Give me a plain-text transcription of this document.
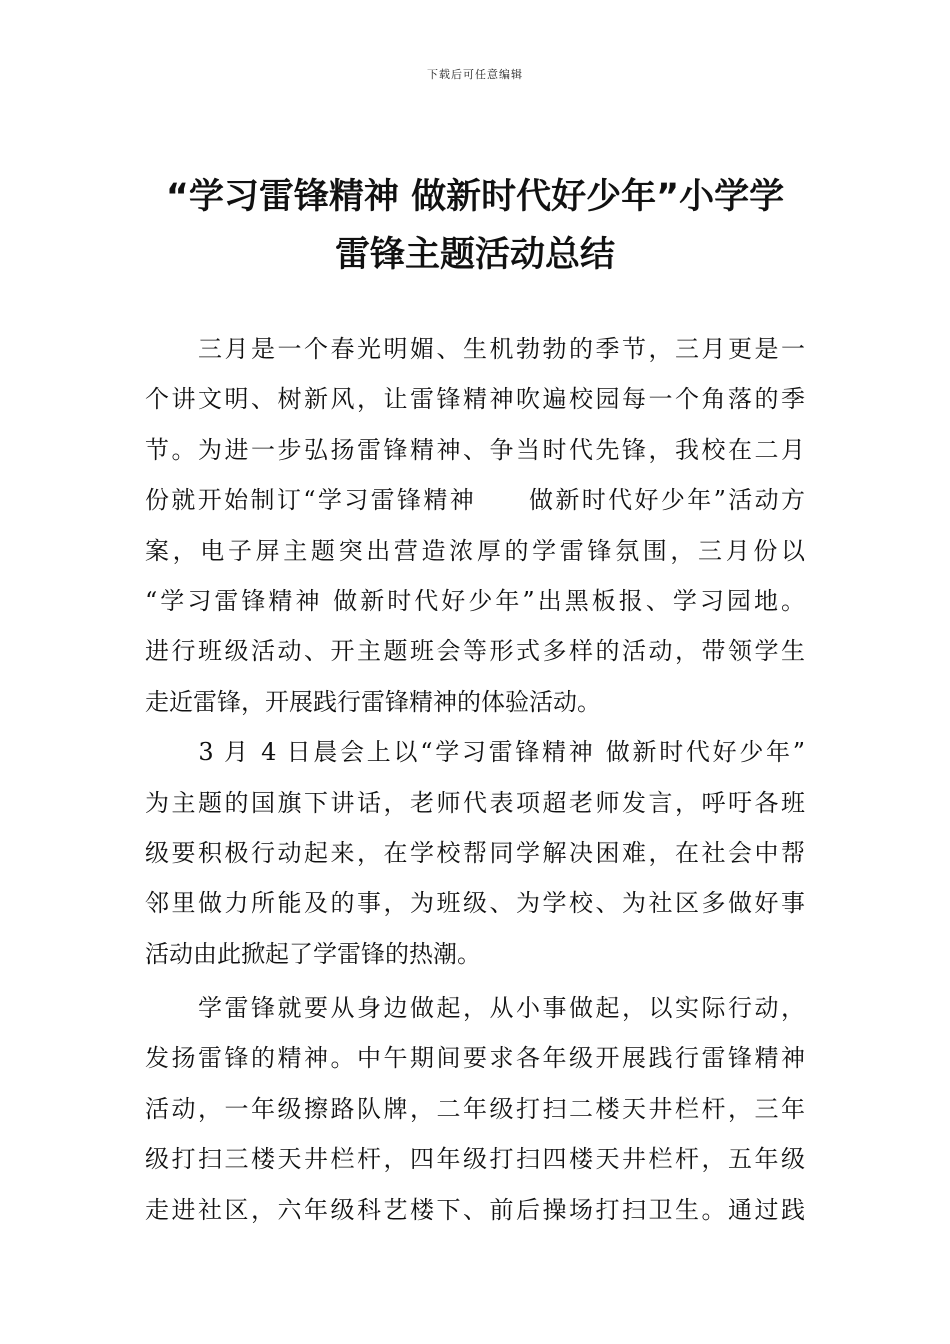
下载后可任意编辑
“学习雷锋精神 做新时代好少年”小学学
雷锋主题活动总结

　　三月是一个春光明媚、生机勃勃的季节，三月更是一
个讲文明、树新风，让雷锋精神吹遍校园每一个角落的季
节。为进一步弘扬雷锋精神、争当时代先锋，我校在二月
份就开始制订“学习雷锋精神　　做新时代好少年”活动方
案，电子屏主题突出营造浓厚的学雷锋氛围，三月份以
“学习雷锋精神 做新时代好少年”出黑板报、学习园地。
进行班级活动、开主题班会等形式多样的活动，带领学生
走近雷锋，开展践行雷锋精神的体验活动。

　　3 月 4 日晨会上以“学习雷锋精神 做新时代好少年”
为主题的国旗下讲话，老师代表项超老师发言，呼吁各班
级要积极行动起来，在学校帮同学解决困难，在社会中帮
邻里做力所能及的事，为班级、为学校、为社区多做好事
活动由此掀起了学雷锋的热潮。

　　学雷锋就要从身边做起，从小事做起，以实际行动，
发扬雷锋的精神。中午期间要求各年级开展践行雷锋精神
活动，一年级擦路队牌，二年级打扫二楼天井栏杆，三年
级打扫三楼天井栏杆，四年级打扫四楼天井栏杆，五年级
走进社区，六年级科艺楼下、前后操场打扫卫生。通过践
